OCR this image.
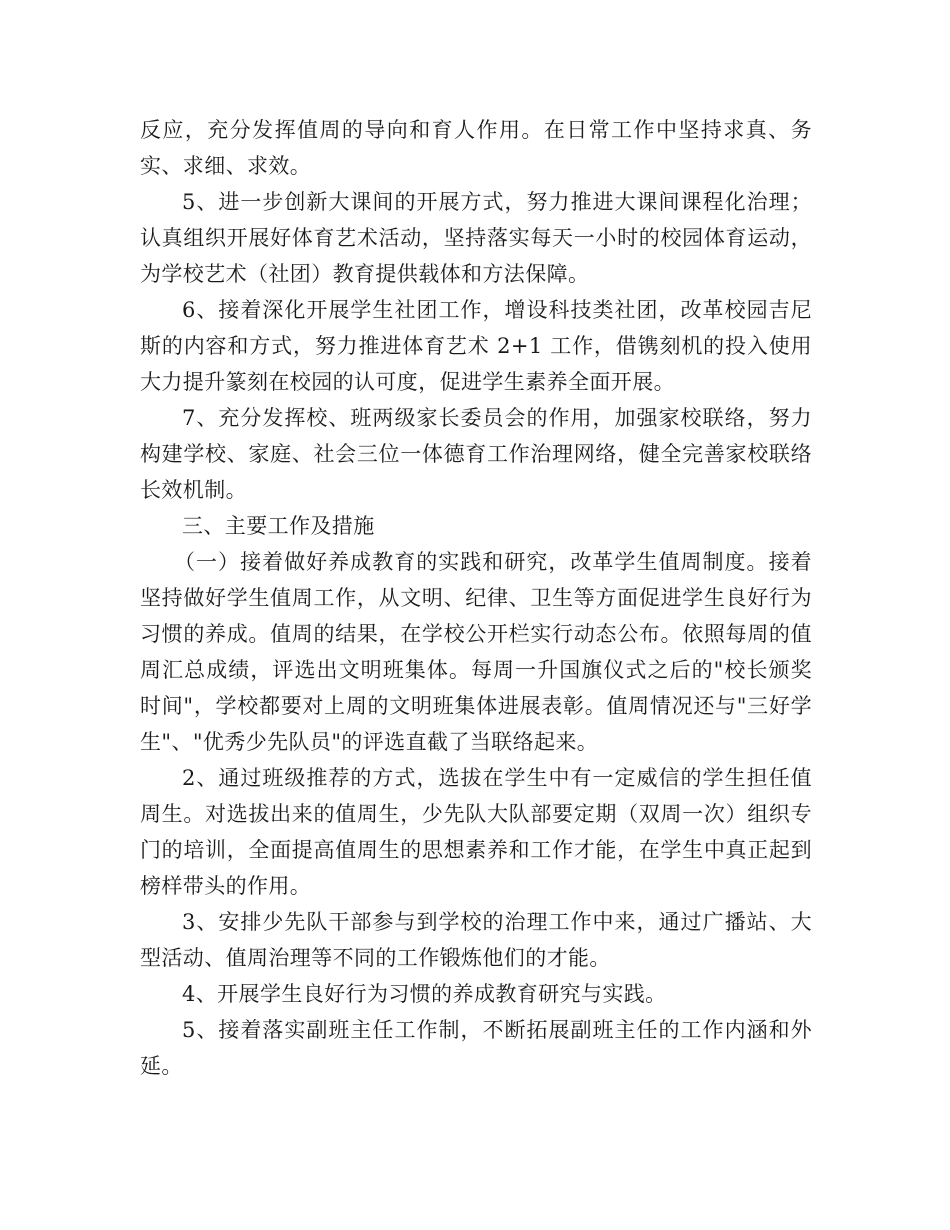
反应，充分发挥值周的导向和育人作用。在日常工作中坚持求真、务实、求细、求效。

5、进一步创新大课间的开展方式，努力推进大课间课程化治理；认真组织开展好体育艺术活动，坚持落实每天一小时的校园体育运动，为学校艺术（社团）教育提供载体和方法保障。

6、接着深化开展学生社团工作，增设科技类社团，改革校园吉尼斯的内容和方式，努力推进体育艺术 2+1 工作，借镌刻机的投入使用大力提升篆刻在校园的认可度，促进学生素养全面开展。

7、充分发挥校、班两级家长委员会的作用，加强家校联络，努力构建学校、家庭、社会三位一体德育工作治理网络，健全完善家校联络长效机制。

三、主要工作及措施

（一）接着做好养成教育的实践和研究，改革学生值周制度。接着坚持做好学生值周工作，从文明、纪律、卫生等方面促进学生良好行为习惯的养成。值周的结果，在学校公开栏实行动态公布。依照每周的值周汇总成绩，评选出文明班集体。每周一升国旗仪式之后的"校长颁奖时间"，学校都要对上周的文明班集体进展表彰。值周情况还与"三好学生"、"优秀少先队员"的评选直截了当联络起来。

2、通过班级推荐的方式，选拔在学生中有一定威信的学生担任值周生。对选拔出来的值周生，少先队大队部要定期（双周一次）组织专门的培训，全面提高值周生的思想素养和工作才能，在学生中真正起到榜样带头的作用。

3、安排少先队干部参与到学校的治理工作中来，通过广播站、大型活动、值周治理等不同的工作锻炼他们的才能。

4、开展学生良好行为习惯的养成教育研究与实践。

5、接着落实副班主任工作制，不断拓展副班主任的工作内涵和外延。
